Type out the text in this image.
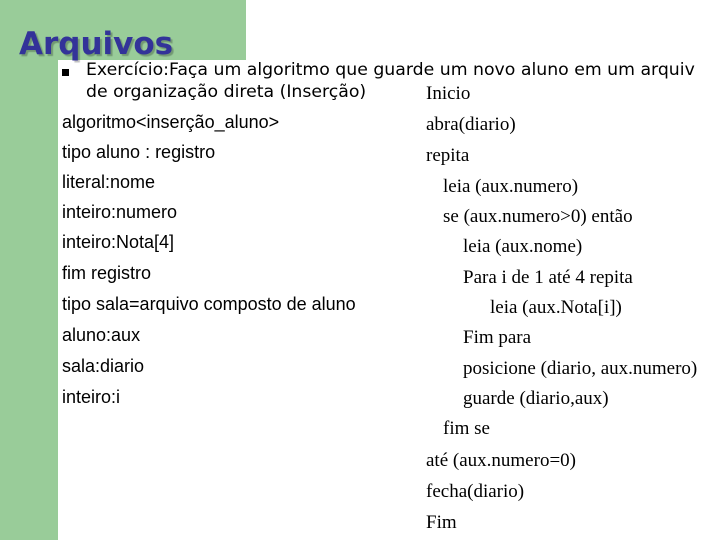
Arquivos

Exercício:Faça um algoritmo que guarde um novo aluno em um arquiv

de organização direta (Inserção)

algoritmo<inserção_aluno>
tipo aluno : registro
literal:nome
inteiro:numero
inteiro:Nota[4]
fim registro
tipo sala=arquivo composto de aluno
aluno:aux
sala:diario
inteiro:i
Inicio
abra(diario)
repita
leia (aux.numero)
se (aux.numero>0) então
leia (aux.nome)
Para i de 1 até 4 repita
leia (aux.Nota[i])
Fim para
posicione (diario, aux.numero)
guarde (diario,aux)
fim se
até (aux.numero=0)
fecha(diario)
Fim
